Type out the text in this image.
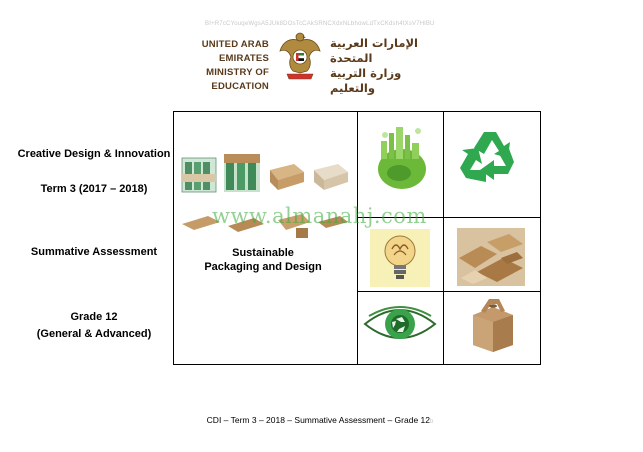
BI+R7cCYouqeWgsA5JUk8DOsTcCAkSRNCXdxNLbhowLdTxCKdsh4tXsV7HlBU
UNITED ARAB EMIRATES
MINISTRY OF EDUCATION
الإمارات العربية المتحدة
وزارة التربية والتعليم
Creative Design & Innovation
Term 3 (2017 – 2018)
Summative Assessment
Grade 12
(General & Advanced)
Sustainable
Packaging and Design
www.almanahj.com
CDI – Term 3 – 2018 – Summative Assessment – Grade 12b
